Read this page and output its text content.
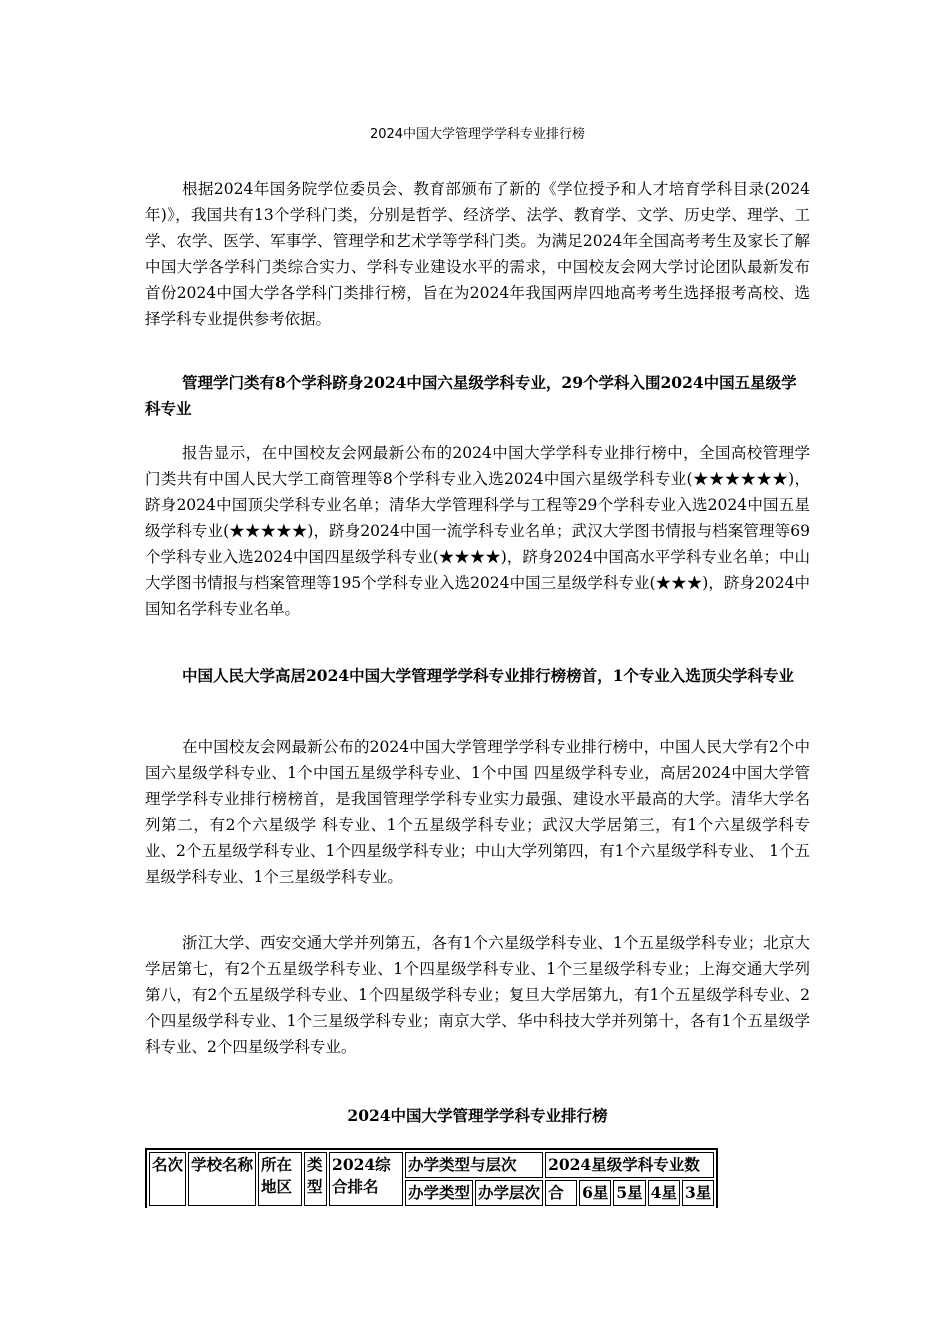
2024中国大学管理学学科专业排行榜

根据2024年国务院学位委员会、教育部颁布了新的《学位授予和人才培育学科目录(2024年)》，我国共有13个学科门类，分别是哲学、经济学、法学、教育学、文学、历史学、理学、工学、农学、医学、军事学、管理学和艺术学等学科门类。为满足2024年全国高考考生及家长了解中国大学各学科门类综合实力、学科专业建设水平的需求，中国校友会网大学讨论团队最新发布首份2024中国大学各学科门类排行榜，旨在为2024年我国两岸四地高考考生选择报考高校、选择学科专业提供参考依据。

管理学门类有8个学科跻身2024中国六星级学科专业，29个学科入围2024中国五星级学科专业

报告显示，在中国校友会网最新公布的2024中国大学学科专业排行榜中，全国高校管理学门类共有中国人民大学工商管理等8个学科专业入选2024中国六星级学科专业(★★★★★★)，跻身2024中国顶尖学科专业名单；清华大学管理科学与工程等29个学科专业入选2024中国五星级学科专业(★★★★★)，跻身2024中国一流学科专业名单；武汉大学图书情报与档案管理等69个学科专业入选2024中国四星级学科专业(★★★★)，跻身2024中国高水平学科专业名单；中山大学图书情报与档案管理等195个学科专业入选2024中国三星级学科专业(★★★)，跻身2024中国知名学科专业名单。

中国人民大学高居2024中国大学管理学学科专业排行榜榜首，1个专业入选顶尖学科专业

在中国校友会网最新公布的2024中国大学管理学学科专业排行榜中，中国人民大学有2个中国六星级学科专业、1个中国五星级学科专业、1个中国 四星级学科专业，高居2024中国大学管理学学科专业排行榜榜首，是我国管理学学科专业实力最强、建设水平最高的大学。清华大学名列第二，有2个六星级学 科专业、1个五星级学科专业；武汉大学居第三，有1个六星级学科专业、2个五星级学科专业、1个四星级学科专业；中山大学列第四，有1个六星级学科专业、 1个五星级学科专业、1个三星级学科专业。

浙江大学、西安交通大学并列第五，各有1个六星级学科专业、1个五星级学科专业；北京大学居第七，有2个五星级学科专业、1个四星级学科专业、1个三星级学科专业；上海交通大学列第八，有2个五星级学科专业、1个四星级学科专业；复旦大学居第九，有1个五星级学科专业、2个四星级学科专业、1个三星级学科专业；南京大学、华中科技大学并列第十，各有1个五星级学科专业、2个四星级学科专业。

2024中国大学管理学学科专业排行榜
名次	学校名称	所在地区	类型	2024综合排名	办学类型与层次		2024星级学科专业数				
					办学类型	办学层次	合	6星	5星	4星	3星
